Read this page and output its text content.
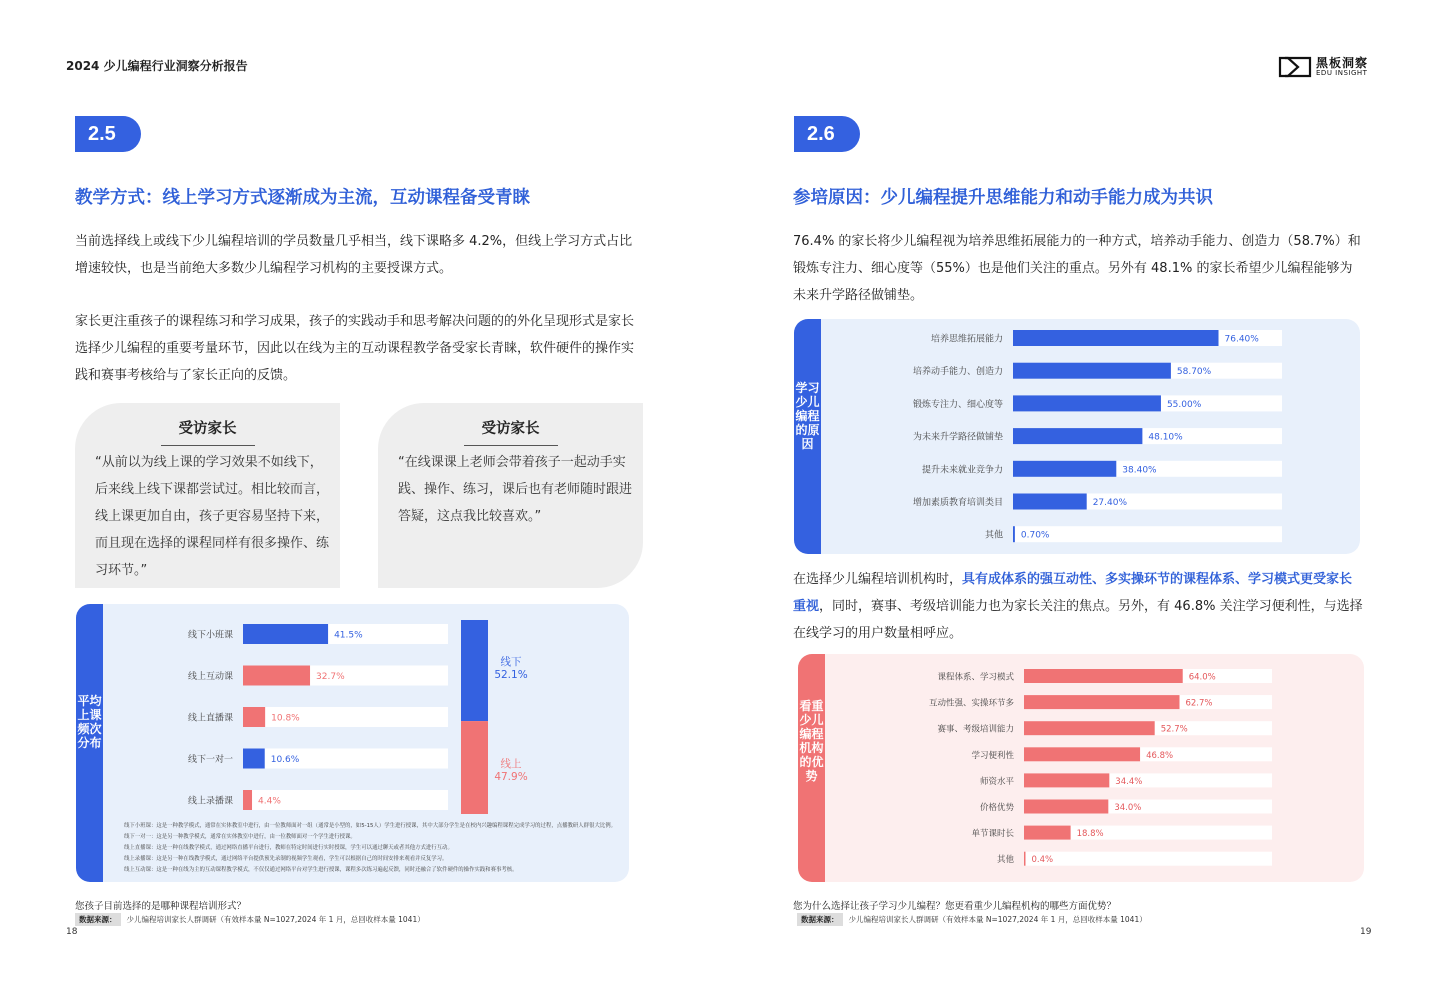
2024 少儿编程行业洞察分析报告	黑板洞察
EDU INSIGHT
2.5
教学方式：线上学习方式逐渐成为主流，互动课程备受青睐
当前选择线上或线下少儿编程培训的学员数量几乎相当，线下课略多 4.2%，但线上学习方式占比增速较快，也是当前绝大多数少儿编程学习机构的主要授课方式。
家长更注重孩子的课程练习和学习成果，孩子的实践动手和思考解决问题的的外化呈现形式是家长选择少儿编程的重要考量环节，因此以在线为主的互动课程教学备受家长青睐，软件硬件的操作实践和赛事考核给与了家长正向的反馈。
受访家长
“从前以为线上课的学习效果不如线下，后来线上线下课都尝试过。相比较而言，线上课更加自由，孩子更容易坚持下来，而且现在选择的课程同样有很多操作、练习环节。”
受访家长
“在线课课上老师会带着孩子一起动手实践、操作、练习，课后也有老师随时跟进答疑，这点我比较喜欢。”
平均上课频次分布
线下小班课	41.5%
线上互动课	32.7%
线上直播课	10.8%
线下一对一	10.6%
线上录播课	4.4%
线下
52.1%
线上
47.9%
线下小班课：这是一种教学模式，通常在实体教室中进行，由一位教师面对一组（通常是小型的，如5-15人）学生进行授课，其中大部分学生是在校内兴趣编程课程完成学习的过程，点播教研人群很大比例。
线下一对一：这是另一种教学模式，通常在实体教室中进行，由一位教师面对一个学生进行授课。
线上直播课：这是一种在线教学模式，通过网络直播平台进行，教师在特定时间进行实时授课，学生可以通过聊天或者其他方式进行互动。
线上录播课：这是另一种在线教学模式，通过网络平台提供预先录制的视频学生观看，学生可以根据自己的时间安排来观看并反复学习。
线上互动课：这是一种在线为主的互动课程教学模式，不仅仅通过网络平台对学生进行授课，课程多次练习遍起反馈，同时还融合了软件硬件的操作实践和赛事考核。
您孩子目前选择的是哪种课程培训形式？
数据来源：	少儿编程培训家长人群调研（有效样本量 N=1027,2024 年 1 月，总回收样本量 1041）
18
2.6
参培原因：少儿编程提升思维能力和动手能力成为共识
76.4% 的家长将少儿编程视为培养思维拓展能力的一种方式，培养动手能力、创造力（58.7%）和锻炼专注力、细心度等（55%）也是他们关注的重点。另外有 48.1% 的家长希望少儿编程能够为未来升学路径做铺垫。
学习少儿编程的原因
培养思维拓展能力	76.40%
培养动手能力、创造力	58.70%
锻炼专注力、细心度等	55.00%
为未来升学路径做铺垫	48.10%
提升未来就业竞争力	38.40%
增加素质教育培训类目	27.40%
其他 0.70%
在选择少儿编程培训机构时，具有成体系的强互动性、多实操环节的课程体系、学习模式更受家长重视，同时，赛事、考级培训能力也为家长关注的焦点。另外，有 46.8% 关注学习便利性，与选择在线学习的用户数量相呼应。
看重少儿编程机构的优势
课程体系、学习模式	64.0%
互动性强、实操环节多	62.7%
赛事、考级培训能力	52.7%
学习便利性	46.8%
师资水平	34.4%
价格优势	34.0%
单节课时长	18.8%
其他 0.4%
您为什么选择让孩子学习少儿编程？您更看重少儿编程机构的哪些方面优势？
数据来源：	少儿编程培训家长人群调研（有效样本量 N=1027,2024 年 1 月，总回收样本量 1041）
19
